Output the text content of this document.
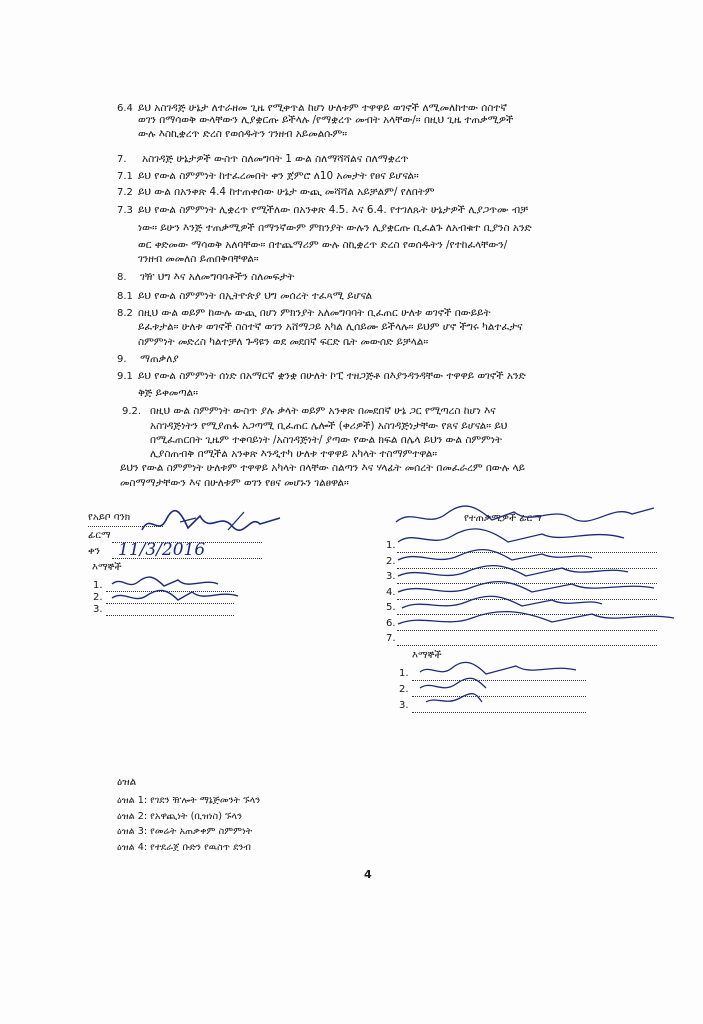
6.4 ይህ አስገዳጅ ሁኔታ ለተራዘመ ጊዜ የሚቀጥል ከሆነ ሁለቱም ተዋዋይ ወገኖች ለሚመለከተው ሰስተኛ
ወገን በማሳወቅ ውላቸውን ሊያቋርጡ ይችላሉ /የማቋረጥ መብት አላቸው/። በዚህ ጊዜ ተጠቃሚዎች
ውሉ እስኪቋረጥ ድረስ የወሰዱትን ገንዘብ አይመልሱም።
7. አስገዳጅ ሁኔታዎች ውስጥ ስለመግባት 1 ውል ስለማሻሻልና ስለማቋረጥ
7.1 ይህ የውል ስምምነት ከተፈረመበት ቀን ጀምሮ ለ10 አመታት የፀና ይሆናል።
7.2 ይህ ውል በአንቀጽ 4.4 ከተጠቀሰው ሁኔታ ውጪ መሻሻል አይቻልም/ የለበትም
7.3 ይህ የውል ስምምነት ሊቋረጥ የሚችለው በአንቀጽ 4.5. እና 6.4. የተገለጹት ሁኔታዎች ሊያጋጥሙ ብቻ
ነው። ይሁን እንጅ ተጠቃሚዎች በማንኛውም ምክንያት ውሉን ሊያቋርጡ ቢፈልጉ ለአብቁተ ቢያንስ አንድ
ወር ቀድመው ማሳወቅ አለባቸው። በተጨማሪም ውሉ ስኪቋረጥ ድረስ የወሰዱትን /የተከፈላቸውን/
ገንዘብ መመለስ ይጠበቅባቸዋል።
8. ገዥ ህግ እና አለመግባባቶችን ስለመፍታት
8.1 ይህ የውል ስምምነት በኢትዮጵያ ህግ መሰረት ተፈጻሚ ይሆናል
8.2 በዚህ ውል ወይም ከውሉ ውጪ በሆነ ምክንያት አለመግባባት ቢፈጠር ሁለቱ ወገኖች በውይይት
ይፈቱታል። ሁለቱ ወገኖች ስስተኛ ወገን አሸማጋይ አካል ሊሰይሙ ይችላሉ። ይህም ሆኖ ችግሩ ካልተፈታና
ስምምነት መድረስ ካልተቻለ ጉዳዩን ወደ መደበኛ ፍርድ ቤት መውሰድ ይቻላል።
9. ማጠቃለያ
9.1 ይህ የውል ስምምነት ሰነድ በአማርኛ ቋንቋ በሁለት ኮፒ ተዘጋጅቶ በእያንዳንዳቸው ተዋዋይ ወገኖች አንድ
ቅጅ ይቀመጣል።
9.2. በዚህ ውል ስምምነት ውስጥ ያሉ ቃላት ወይም አንቀጽ በመደበኛ ሁኔ ጋር የሚጣረስ ከሆነ እና
አስገዳጅነትን የሚያጠፋ አጋጣሚ ቢፈጠር ሌሎች (ቀሪዎች) አስገዳጅነታቸው የጸና ይሆናል። ይህ
በሚፈጠርበት ጊዜም ተቀባይነት /አስገዳጅነት/ ያጣው የውል ክፍል በሌላ ይህን ውል ስምምነት
ሊያስጠብቅ በሚችል አንቀጽ እንዲተካ ሁለቱ ተዋዋይ አካላት ተስማምተዋል።
ይህን የውል ስምምነት ሁለቱም ተዋዋይ አካላት በላቸው ስልጣን እና ሃላፊት መሰረት በመፈራረም በውሉ ላይ
መስማማታቸውን እና በሁለቱም ወገን የፀና መሆኑን ገልፀዋል።
የአይቦ ባንክ
ፊርማ
ቀን 11/3/2016
እማኞች
1.
2.
3.
የተጠቃሚዎች ፊርማ
1.
2.
3.
4.
5.
6.
7.
እማኞች
1.
2.
3.
ዕዝል
ዕዝል 1: የገደን ዥሎት ማኔጅመንት ኙላን
ዕዝል 2: የአዋጪነት (ቢዝነስ) ኙላን
ዕዝል 3: የመሬት አጠቃቀም ስምምነት
ዕዝል 4: የተደራጀ ቡድን የዉስጥ ደንብ
4
